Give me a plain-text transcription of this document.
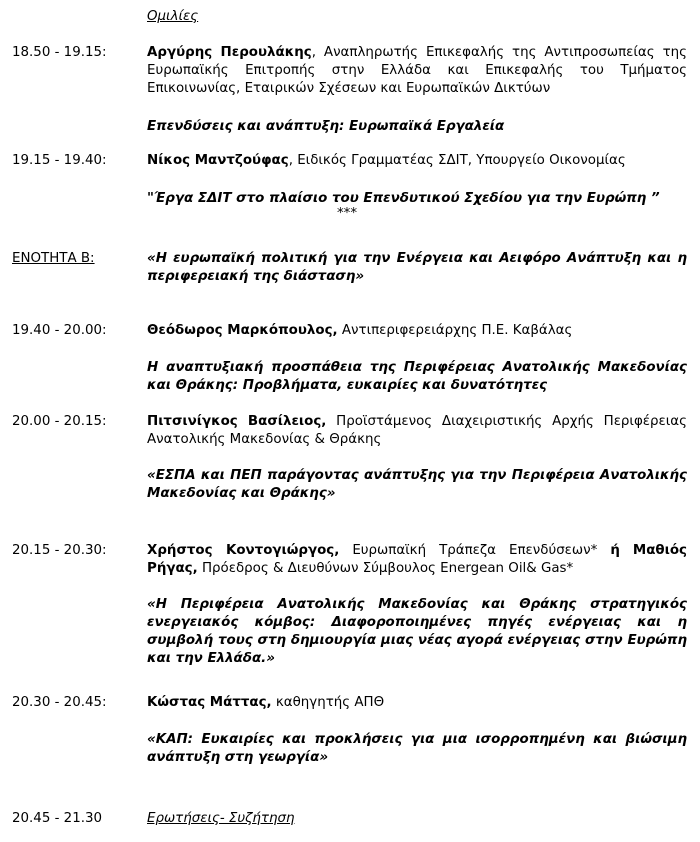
Ομιλίες
18.50 - 19.15:	Αργύρης Περουλάκης, Αναπληρωτής Επικεφαλής της Αντιπροσωπείας της Ευρωπαϊκής Επιτροπής στην Ελλάδα και Επικεφαλής του Τμήματος Επικοινωνίας, Εταιρικών Σχέσεων και Ευρωπαϊκών Δικτύων
Επενδύσεις και ανάπτυξη: Ευρωπαϊκά Εργαλεία
19.15 - 19.40:	Νίκος Μαντζούφας, Ειδικός Γραμματέας ΣΔΙΤ, Υπουργείο Οικονομίας
"Έργα ΣΔΙΤ στο πλαίσιο του Επενδυτικού Σχεδίου για την Ευρώπη ”
***
ΕΝΟΤΗΤΑ Β:	«Η ευρωπαϊκή πολιτική για την Ενέργεια και Αειφόρο Ανάπτυξη και η περιφερειακή της διάσταση»
19.40 - 20.00:	Θεόδωρος Μαρκόπουλος, Αντιπεριφερειάρχης Π.Ε. Καβάλας
Η αναπτυξιακή προσπάθεια της Περιφέρειας Ανατολικής Μακεδονίας και Θράκης: Προβλήματα, ευκαιρίες και δυνατότητες
20.00 - 20.15:	Πιτσινίγκος Βασίλειος, Προϊστάμενος Διαχειριστικής Αρχής Περιφέρειας Ανατολικής Μακεδονίας & Θράκης
«ΕΣΠΑ και ΠΕΠ παράγοντας ανάπτυξης για την Περιφέρεια Ανατολικής Μακεδονίας και Θράκης»
20.15 - 20.30:	Χρήστος Κοντογιώργος, Ευρωπαϊκή Τράπεζα Επενδύσεων* ή Μαθιός Ρήγας, Πρόεδρος & Διευθύνων Σύμβουλος Energean Oil& Gas*
«Η Περιφέρεια Ανατολικής Μακεδονίας και Θράκης στρατηγικός ενεργειακός κόμβος: Διαφοροποιημένες πηγές ενέργειας και η συμβολή τους στη δημιουργία μιας νέας αγορά ενέργειας στην Ευρώπη και την Ελλάδα.»
20.30 - 20.45:	Κώστας Μάττας, καθηγητής ΑΠΘ
«ΚΑΠ: Ευκαιρίες και προκλήσεις για μια ισορροπημένη και βιώσιμη ανάπτυξη στη γεωργία»
20.45 - 21.30	Ερωτήσεις- Συζήτηση
